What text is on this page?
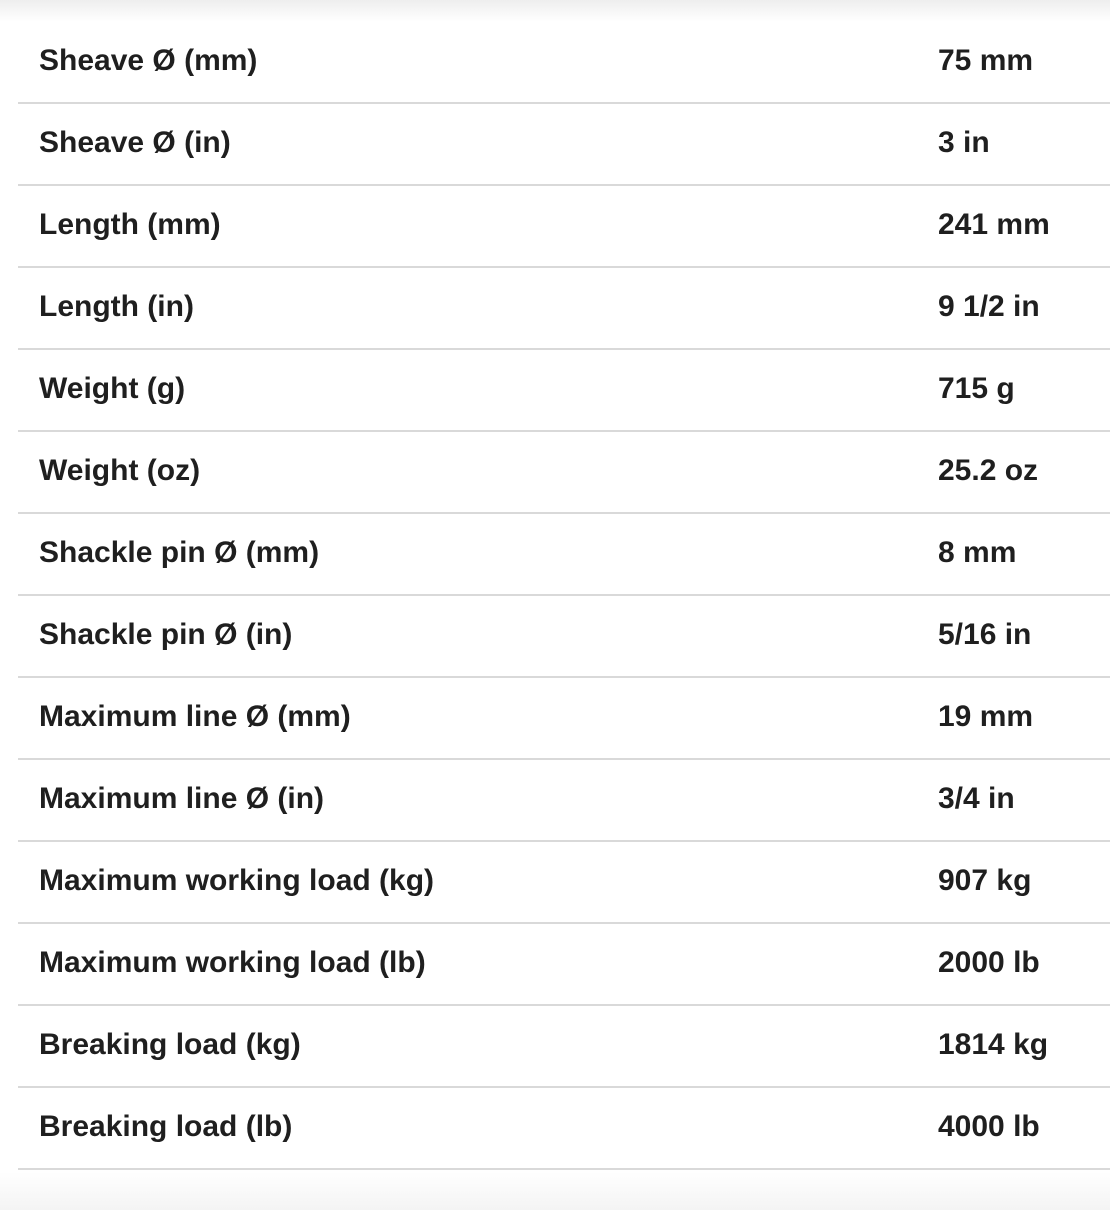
Sheave Ø (mm)	75 mm
Sheave Ø (in)	3 in
Length (mm)	241 mm
Length (in)	9 1/2 in
Weight (g)	715 g
Weight (oz)	25.2 oz
Shackle pin Ø (mm)	8 mm
Shackle pin Ø (in)	5/16 in
Maximum line Ø (mm)	19 mm
Maximum line Ø (in)	3/4 in
Maximum working load (kg)	907 kg
Maximum working load (lb)	2000 lb
Breaking load (kg)	1814 kg
Breaking load (lb)	4000 lb
